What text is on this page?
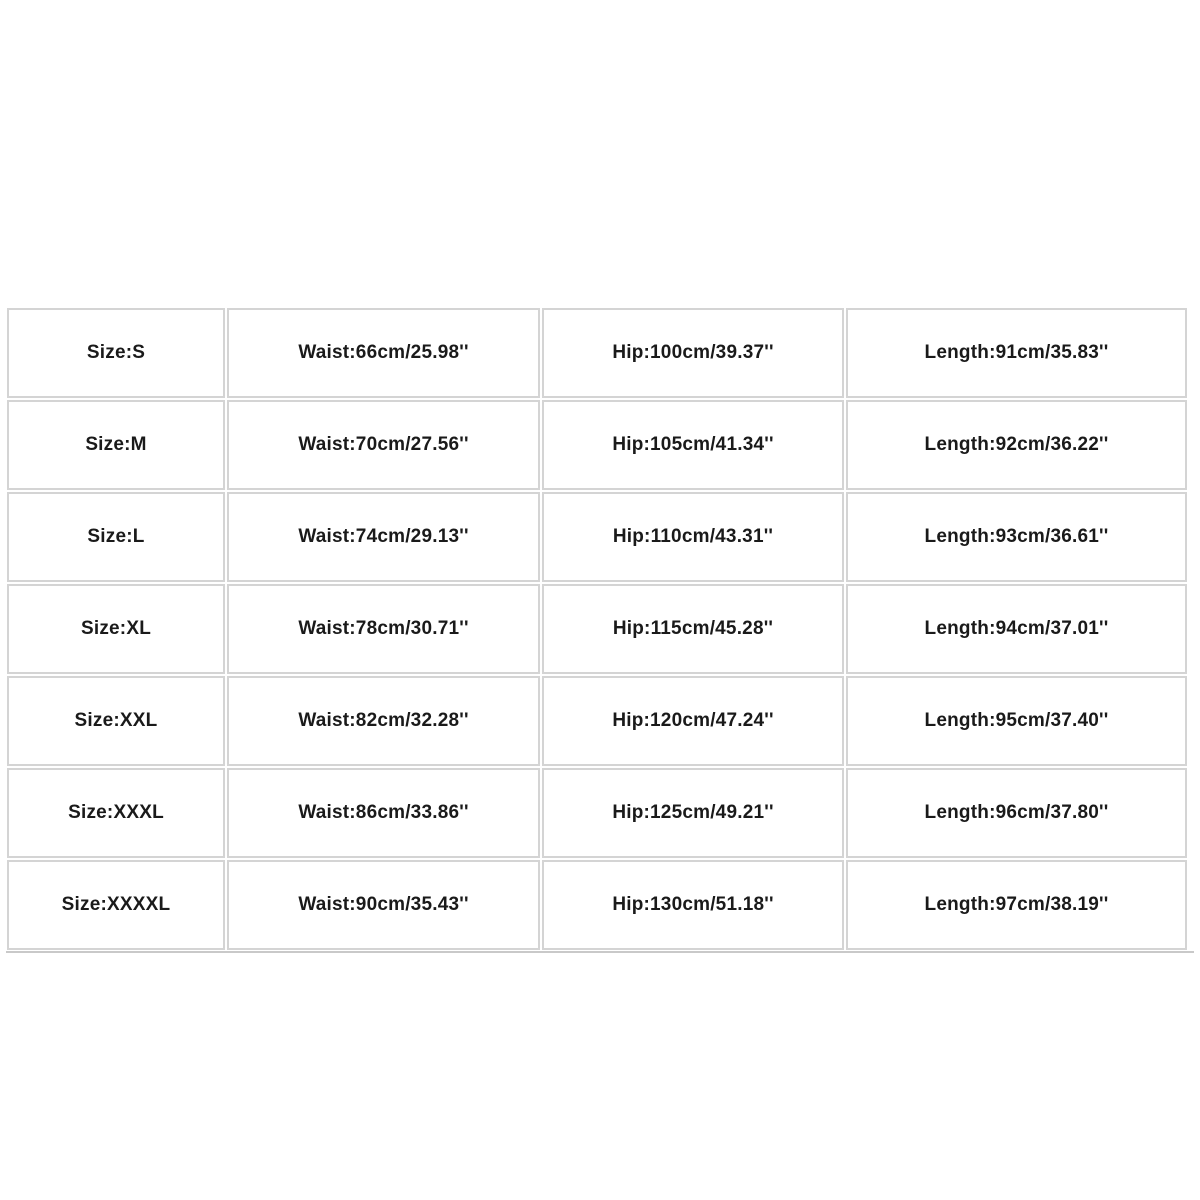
Size:S	Waist:66cm/25.98''	Hip:100cm/39.37''	Length:91cm/35.83''
Size:M	Waist:70cm/27.56''	Hip:105cm/41.34''	Length:92cm/36.22''
Size:L	Waist:74cm/29.13''	Hip:110cm/43.31''	Length:93cm/36.61''
Size:XL	Waist:78cm/30.71''	Hip:115cm/45.28''	Length:94cm/37.01''
Size:XXL	Waist:82cm/32.28''	Hip:120cm/47.24''	Length:95cm/37.40''
Size:XXXL	Waist:86cm/33.86''	Hip:125cm/49.21''	Length:96cm/37.80''
Size:XXXXL	Waist:90cm/35.43''	Hip:130cm/51.18''	Length:97cm/38.19''
